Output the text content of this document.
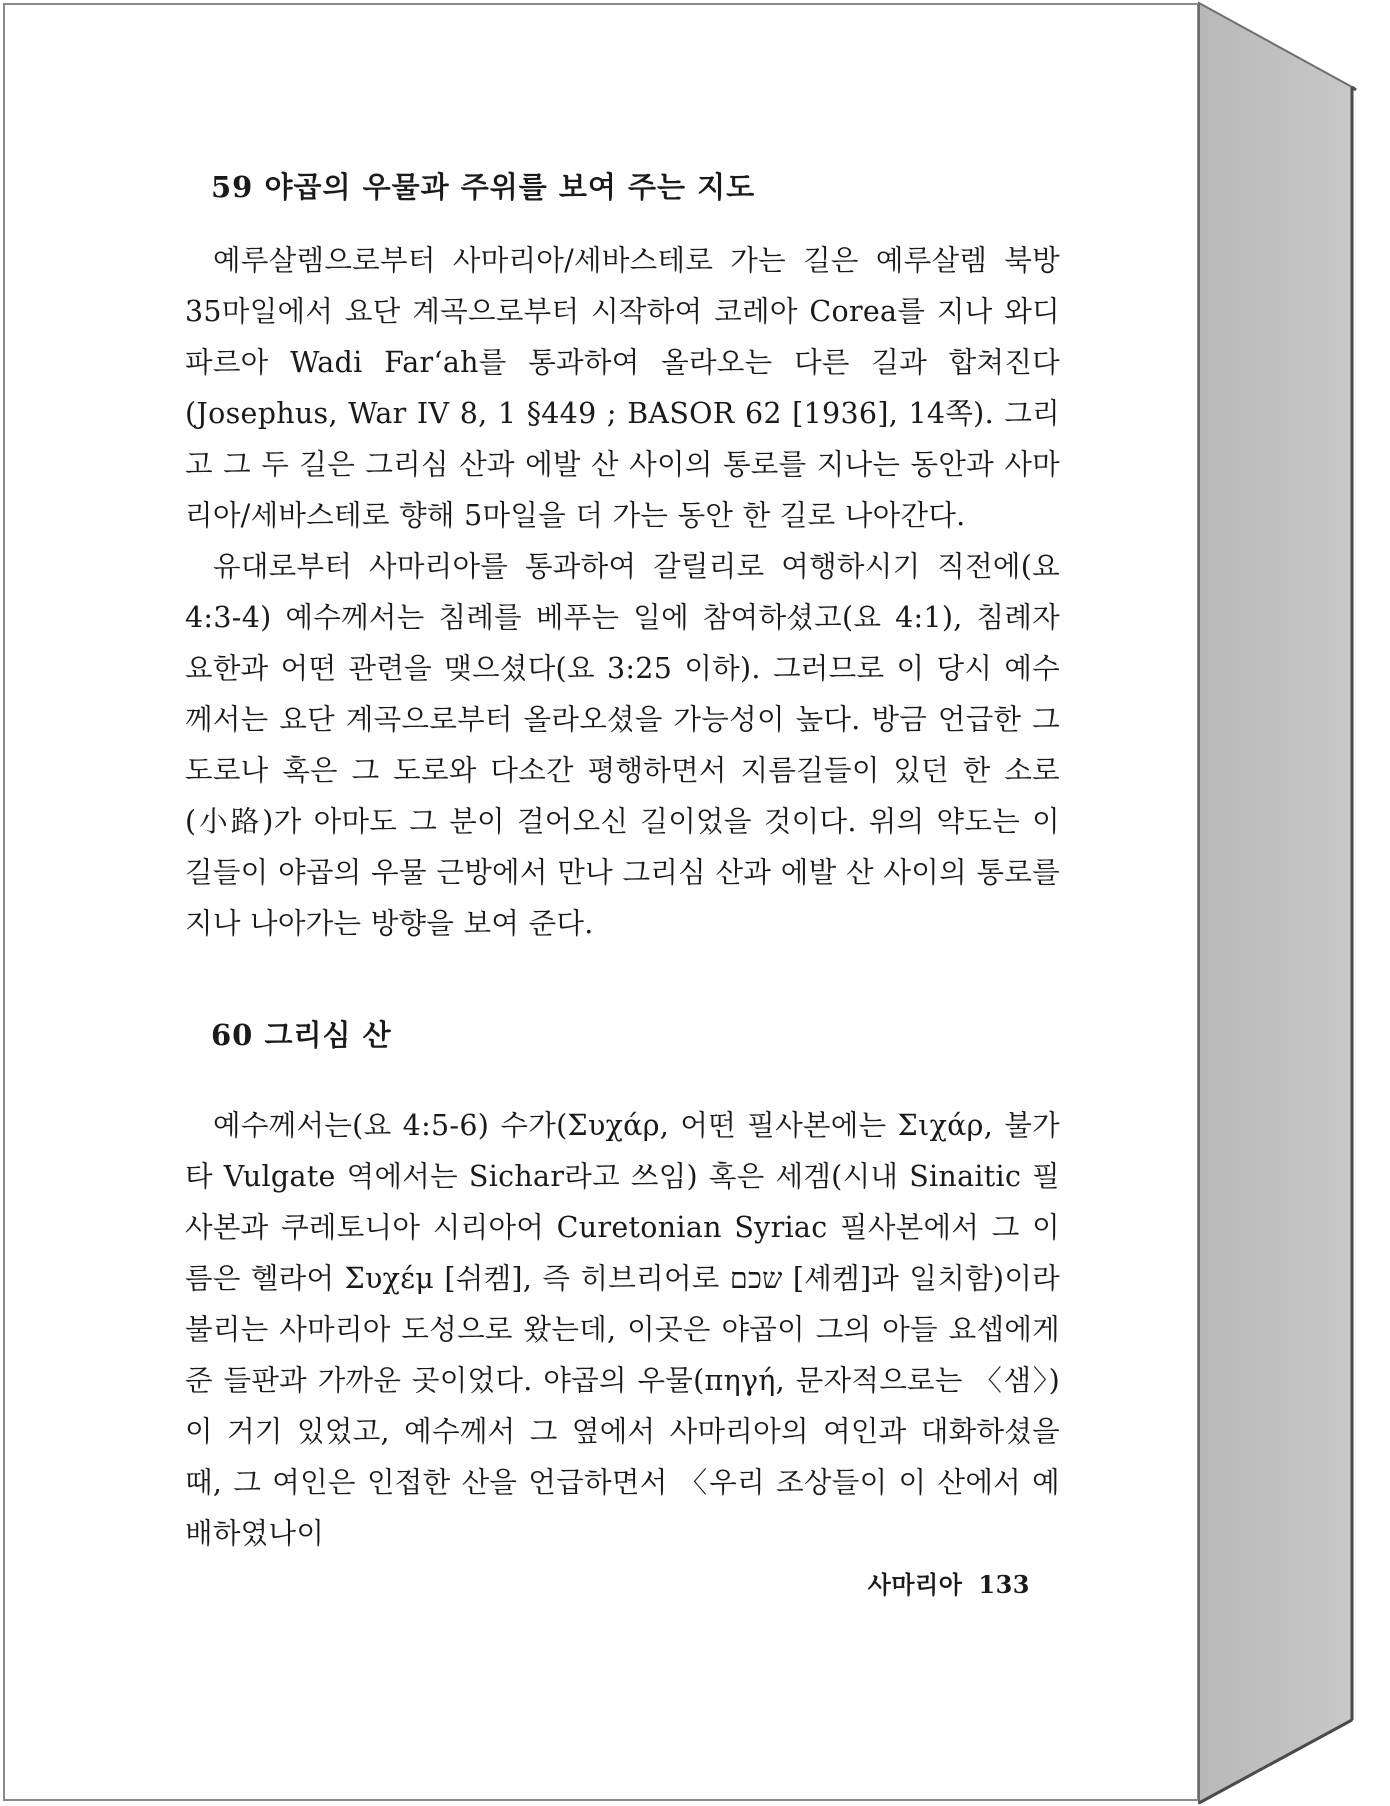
59 야곱의 우물과 주위를 보여 주는 지도

예루살렘으로부터 사마리아/세바스테로 가는 길은 예루살렘 북방 35마일에서 요단 계곡으로부터 시작하여 코레아 Corea를 지나 와디 파르아 Wadi Far‘ah를 통과하여 올라오는 다른 길과 합쳐진다(Josephus, War IV 8, 1 §449 ; BASOR 62 [1936], 14쪽). 그리고 그 두 길은 그리심 산과 에발 산 사이의 통로를 지나는 동안과 사마리아/세바스테로 향해 5마일을 더 가는 동안 한 길로 나아간다.

유대로부터 사마리아를 통과하여 갈릴리로 여행하시기 직전에(요 4:3-4) 예수께서는 침례를 베푸는 일에 참여하셨고(요 4:1), 침례자 요한과 어떤 관련을 맺으셨다(요 3:25 이하). 그러므로 이 당시 예수께서는 요단 계곡으로부터 올라오셨을 가능성이 높다. 방금 언급한 그 도로나 혹은 그 도로와 다소간 평행하면서 지름길들이 있던 한 소로(小路)가 아마도 그 분이 걸어오신 길이었을 것이다. 위의 약도는 이 길들이 야곱의 우물 근방에서 만나 그리심 산과 에발 산 사이의 통로를 지나 나아가는 방향을 보여 준다.

60 그리심 산

예수께서는(요 4:5-6) 수가(Συχάρ, 어떤 필사본에는 Σιχάρ, 불가타 Vulgate 역에서는 Sichar라고 쓰임) 혹은 세겜(시내 Sinaitic 필사본과 쿠레토니아 시리아어 Curetonian Syriac 필사본에서 그 이름은 헬라어 Συχέμ [쉬켐], 즉 히브리어로 שכם [셰켐]과 일치함)이라 불리는 사마리아 도성으로 왔는데, 이곳은 야곱이 그의 아들 요셉에게 준 들판과 가까운 곳이었다. 야곱의 우물(πηγή, 문자적으로는 〈샘〉)이 거기 있었고, 예수께서 그 옆에서 사마리아의 여인과 대화하셨을 때, 그 여인은 인접한 산을 언급하면서 〈우리 조상들이 이 산에서 예배하였나이

사마리아 133
